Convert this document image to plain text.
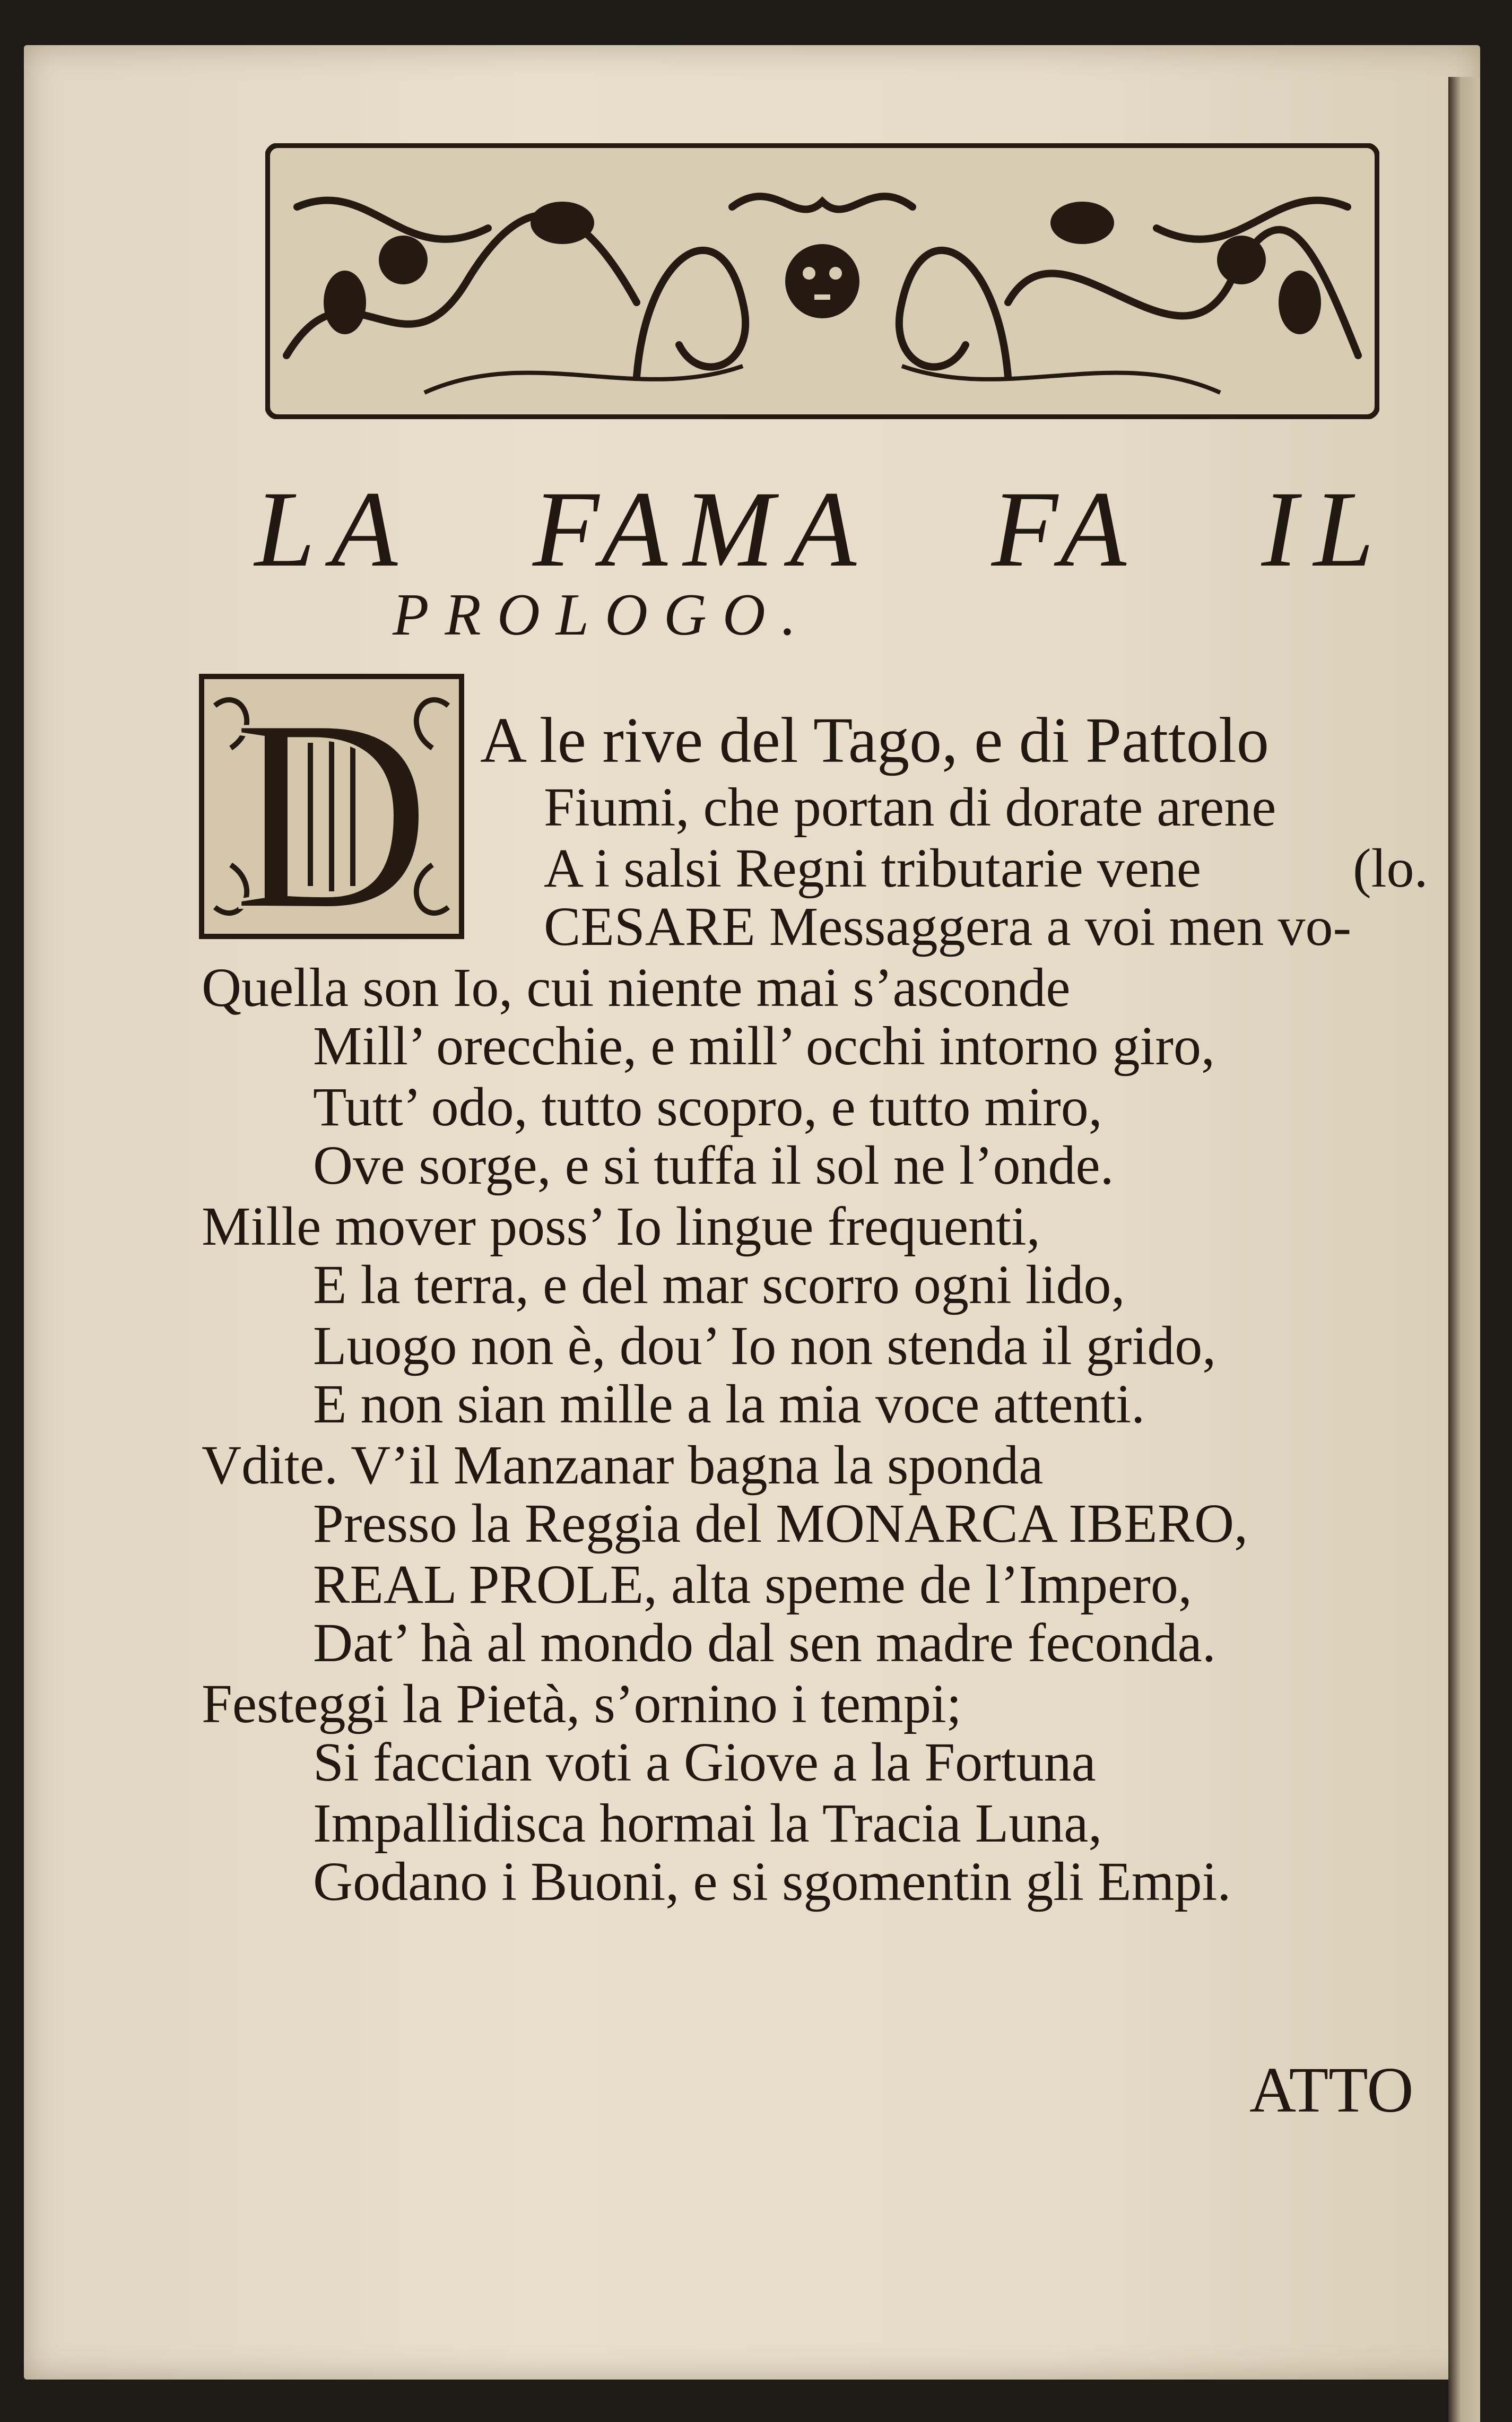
LA FAMA FA IL
PROLOGO.
D A le rive del Tago, e di Pattolo
Fiumi, che portan di dorate arene
A i salsi Regni tributarie vene	(lo.
CESARE Messaggera a voi men vo-
Quella son Io, cui niente mai s’asconde
Mill’ orecchie, e mill’ occhi intorno giro,
Tutt’ odo, tutto scopro, e tutto miro,
Ove sorge, e si tuffa il sol ne l’onde.
Mille mover poss’ Io lingue frequenti,
E la terra, e del mar scorro ogni lido,
Luogo non è, dou’ Io non stenda il grido,
E non sian mille a la mia voce attenti.
Vdite. V’il Manzanar bagna la sponda
Presso la Reggia del MONARCA IBERO,
REAL PROLE, alta speme de l’Impero,
Dat’ hà al mondo dal sen madre feconda.
Festeggi la Pietà, s’ornino i tempi;
Si faccian voti a Giove a la Fortuna
Impallidisca hormai la Tracia Luna,
Godano i Buoni, e si sgomentin gli Empi.
ATTO
